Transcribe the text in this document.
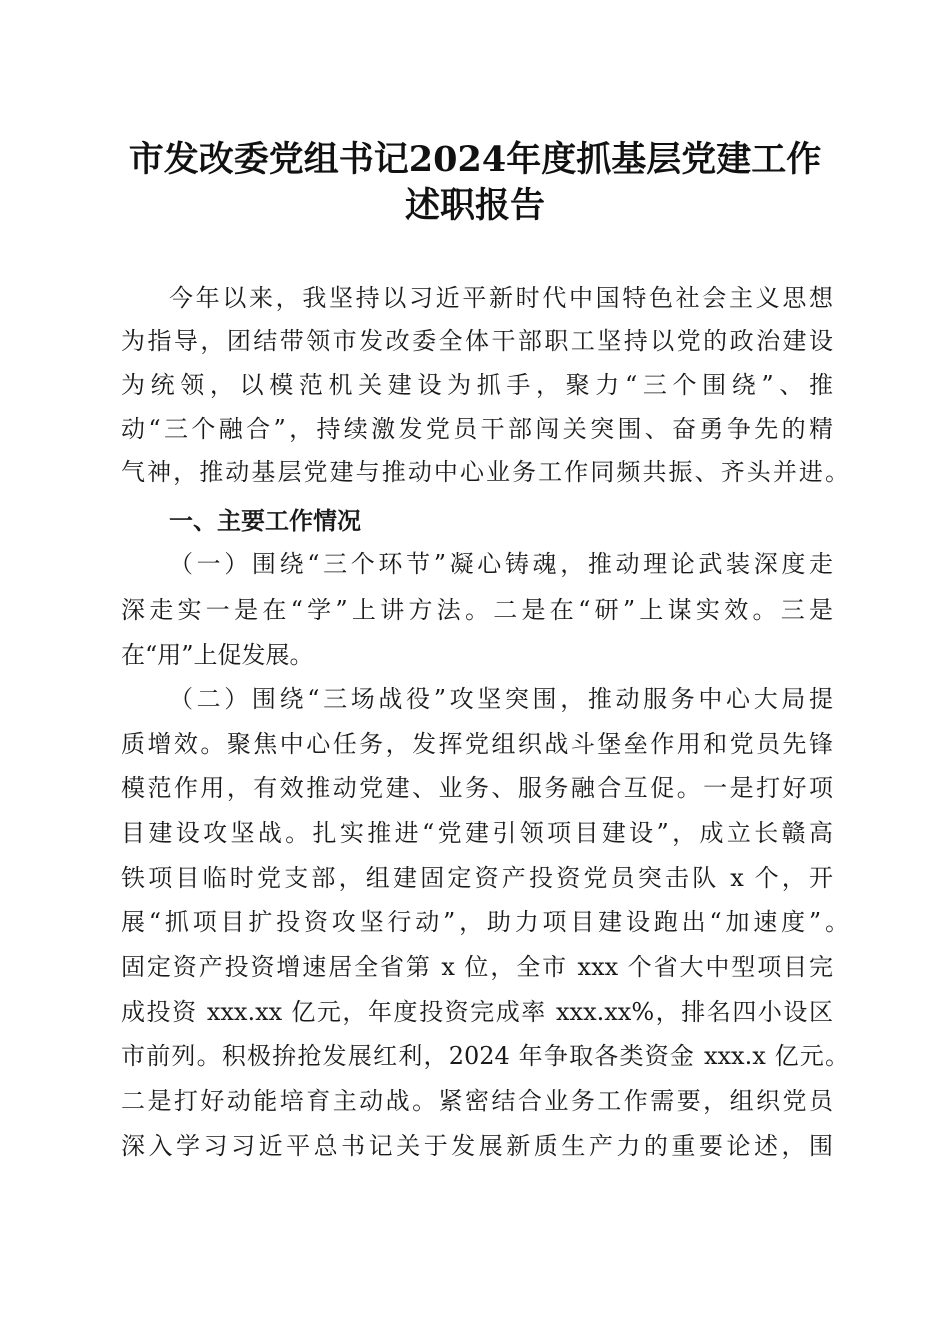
市发改委党组书记2024年度抓基层党建工作
述职报告
今年以来，我坚持以习近平新时代中国特色社会主义思想
为指导，团结带领市发改委全体干部职工坚持以党的政治建设
为统领，以模范机关建设为抓手，聚力“三个围绕”、推
动“三个融合”，持续激发党员干部闯关突围、奋勇争先的精
气神，推动基层党建与推动中心业务工作同频共振、齐头并进。
一、主要工作情况
（一）围绕“三个环节”凝心铸魂，推动理论武装深度走
深走实一是在“学”上讲方法。二是在“研”上谋实效。三是
在“用”上促发展。
（二）围绕“三场战役”攻坚突围，推动服务中心大局提
质增效。聚焦中心任务，发挥党组织战斗堡垒作用和党员先锋
模范作用，有效推动党建、业务、服务融合互促。一是打好项
目建设攻坚战。扎实推进“党建引领项目建设”，成立长赣高
铁项目临时党支部，组建固定资产投资党员突击队 x 个，开
展“抓项目扩投资攻坚行动”，助力项目建设跑出“加速度”。
固定资产投资增速居全省第 x 位，全市 xxx 个省大中型项目完
成投资 xxx.xx 亿元，年度投资完成率 xxx.xx%，排名四小设区
市前列。积极拚抢发展红利，2024 年争取各类资金 xxx.x 亿元。
二是打好动能培育主动战。紧密结合业务工作需要，组织党员
深入学习习近平总书记关于发展新质生产力的重要论述，围
